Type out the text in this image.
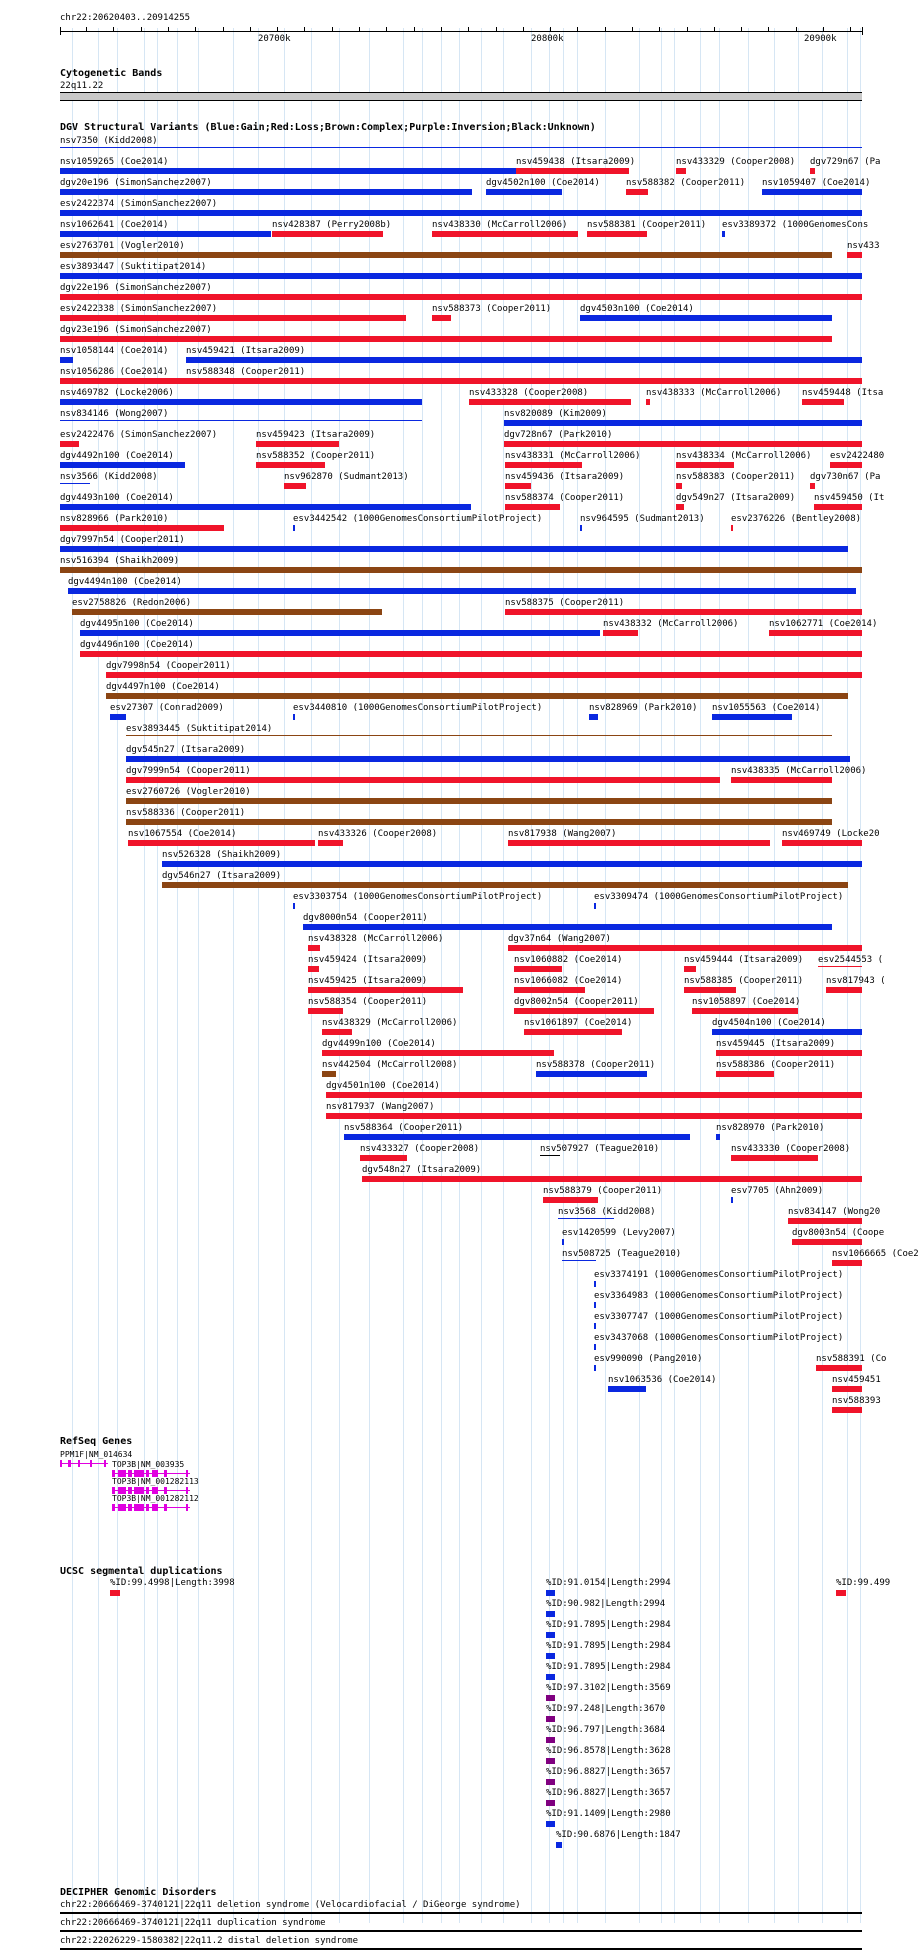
chr22:20620403..20914255
20700k	20800k	20900k
Cytogenetic Bands
22q11.22
DGV Structural Variants (Blue:Gain;Red:Loss;Brown:Complex;Purple:Inversion;Black:Unknown)
nsv7350 (Kidd2008)
nsv1059265 (Coe2014)	nsv459438 (Itsara2009)	nsv433329 (Cooper2008) dgv729n67 (Pa
dgv20e196 (SimonSanchez2007)	dgv4502n100 (Coe2014)	nsv588382 (Cooper2011) nsv1059407 (Coe2014)
esv2422374 (SimonSanchez2007)
nsv1062641 (Coe2014)	nsv428387 (Perry2008b)	nsv438330 (McCarroll2006) nsv588381 (Cooper2011) esv3389372 (1000GenomesCons
esv2763701 (Vogler2010)	nsv433
esv3893447 (Suktitipat2014)
dgv22e196 (SimonSanchez2007)
esv2422338 (SimonSanchez2007)	nsv588373 (Cooper2011)	dgv4503n100 (Coe2014)
dgv23e196 (SimonSanchez2007)
nsv1058144 (Coe2014) nsv459421 (Itsara2009)
nsv1056286 (Coe2014) nsv588348 (Cooper2011)
nsv469782 (Locke2006)	nsv433328 (Cooper2008)	nsv438333 (McCarroll2006) nsv459448 (Itsa
nsv834146 (Wong2007)	nsv820089 (Kim2009)
esv2422476 (SimonSanchez2007)	nsv459423 (Itsara2009)	dgv728n67 (Park2010)
dgv4492n100 (Coe2014)	nsv588352 (Cooper2011)	nsv438331 (McCarroll2006)	nsv438334 (McCarroll2006) esv2422480
nsv3566 (Kidd2008)	nsv962870 (Sudmant2013)	nsv459436 (Itsara2009)	nsv588383 (Cooper2011) dgv730n67 (Pa
dgv4493n100 (Coe2014)	nsv588374 (Cooper2011)	dgv549n27 (Itsara2009) nsv459450 (It
nsv828966 (Park2010)	esv3442542 (1000GenomesConsortiumPilotProject)	nsv964595 (Sudmant2013)	esv2376226 (Bentley2008)
dgv7997n54 (Cooper2011)
nsv516394 (Shaikh2009)
dgv4494n100 (Coe2014)
esv2758826 (Redon2006)	nsv588375 (Cooper2011)
dgv4495n100 (Coe2014)	nsv438332 (McCarroll2006)	nsv1062771 (Coe2014)
dgv4496n100 (Coe2014)
dgv7998n54 (Cooper2011)
dgv4497n100 (Coe2014)
esv27307 (Conrad2009)	esv3440810 (1000GenomesConsortiumPilotProject)	nsv828969 (Park2010) nsv1055563 (Coe2014)
esv3893445 (Suktitipat2014)
dgv545n27 (Itsara2009)
dgv7999n54 (Cooper2011)	nsv438335 (McCarroll2006)
esv2760726 (Vogler2010)
nsv588336 (Cooper2011)
nsv1067554 (Coe2014)	nsv433326 (Cooper2008)	nsv817938 (Wang2007)	nsv469749 (Locke20
nsv526328 (Shaikh2009)
dgv546n27 (Itsara2009)
esv3303754 (1000GenomesConsortiumPilotProject)	esv3309474 (1000GenomesConsortiumPilotProject)
dgv8000n54 (Cooper2011)
nsv438328 (McCarroll2006)	dgv37n64 (Wang2007)
nsv459424 (Itsara2009)	nsv1060882 (Coe2014)	nsv459444 (Itsara2009) esv2544553 (
nsv459425 (Itsara2009)	nsv1066082 (Coe2014)	nsv588385 (Cooper2011)	nsv817943 (
nsv588354 (Cooper2011)	dgv8002n54 (Cooper2011)	nsv1058897 (Coe2014)
nsv438329 (McCarroll2006)	nsv1061897 (Coe2014)	dgv4504n100 (Coe2014)
dgv4499n100 (Coe2014)	nsv459445 (Itsara2009)
nsv442504 (McCarroll2008)	nsv588378 (Cooper2011)	nsv588386 (Cooper2011)
dgv4501n100 (Coe2014)
nsv817937 (Wang2007)
nsv588364 (Cooper2011)	nsv828970 (Park2010)
nsv433327 (Cooper2008)	nsv507927 (Teague2010)	nsv433330 (Cooper2008)
dgv548n27 (Itsara2009)
nsv588379 (Cooper2011)	esv7705 (Ahn2009)
nsv3568 (Kidd2008)	nsv834147 (Wong20
esv1420599 (Levy2007)	dgv8003n54 (Coope
nsv508725 (Teague2010)	nsv1066665 (Coe2
esv3374191 (1000GenomesConsortiumPilotProject)
esv3364983 (1000GenomesConsortiumPilotProject)
esv3307747 (1000GenomesConsortiumPilotProject)
esv3437068 (1000GenomesConsortiumPilotProject)
esv990090 (Pang2010)	nsv588391 (Co
nsv1063536 (Coe2014)	nsv459451
nsv588393
RefSeq Genes
PPM1F|NM_014634
TOP3B|NM_003935
TOP3B|NM_001282113
TOP3B|NM_001282112
UCSC segmental duplications
%ID:99.4998|Length:3998	%ID:91.0154|Length:2994	%ID:99.499
%ID:90.982|Length:2994
%ID:91.7895|Length:2984
%ID:91.7895|Length:2984
%ID:91.7895|Length:2984
%ID:97.3102|Length:3569
%ID:97.248|Length:3670
%ID:96.797|Length:3684
%ID:96.8578|Length:3628
%ID:96.8827|Length:3657
%ID:96.8827|Length:3657
%ID:91.1409|Length:2980
%ID:90.6876|Length:1847
DECIPHER Genomic Disorders
chr22:20666469-3740121|22q11 deletion syndrome (Velocardiofacial / DiGeorge syndrome)
chr22:20666469-3740121|22q11 duplication syndrome
chr22:22026229-1580382|22q11.2 distal deletion syndrome
